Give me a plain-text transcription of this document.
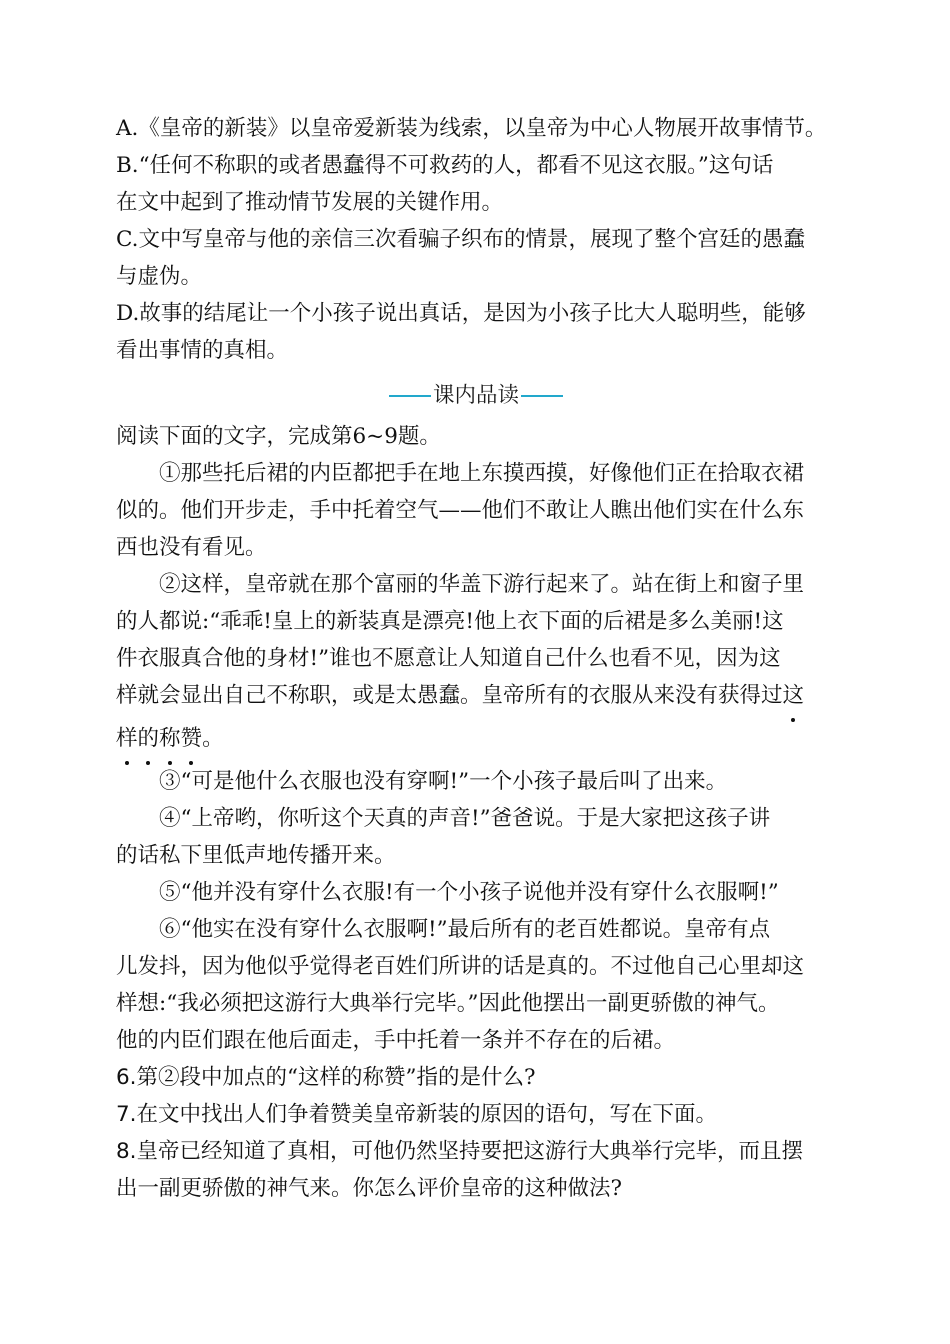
A.《皇帝的新装》以皇帝爱新装为线索，以皇帝为中心人物展开故事情节。
B.“任何不称职的或者愚蠢得不可救药的人，都看不见这衣服。”这句话
在文中起到了推动情节发展的关键作用。
C.文中写皇帝与他的亲信三次看骗子织布的情景，展现了整个宫廷的愚蠢
与虚伪。
D.故事的结尾让一个小孩子说出真话，是因为小孩子比大人聪明些，能够
看出事情的真相。
课内品读
阅读下面的文字，完成第6~9题。
①那些托后裙的内臣都把手在地上东摸西摸，好像他们正在拾取衣裙
似的。他们开步走，手中托着空气——他们不敢让人瞧出他们实在什么东
西也没有看见。
②这样，皇帝就在那个富丽的华盖下游行起来了。站在街上和窗子里
的人都说:“乖乖!皇上的新装真是漂亮!他上衣下面的后裙是多么美丽!这
件衣服真合他的身材!”谁也不愿意让人知道自己什么也看不见，因为这
样就会显出自己不称职，或是太愚蠢。皇帝所有的衣服从来没有获得过这
样的称赞。
③“可是他什么衣服也没有穿啊!”一个小孩子最后叫了出来。
④“上帝哟，你听这个天真的声音!”爸爸说。于是大家把这孩子讲
的话私下里低声地传播开来。
⑤“他并没有穿什么衣服!有一个小孩子说他并没有穿什么衣服啊!”
⑥“他实在没有穿什么衣服啊!”最后所有的老百姓都说。皇帝有点
儿发抖，因为他似乎觉得老百姓们所讲的话是真的。不过他自己心里却这
样想:“我必须把这游行大典举行完毕。”因此他摆出一副更骄傲的神气。
他的内臣们跟在他后面走，手中托着一条并不存在的后裙。
6.第②段中加点的“这样的称赞”指的是什么?
7.在文中找出人们争着赞美皇帝新装的原因的语句，写在下面。
8.皇帝已经知道了真相，可他仍然坚持要把这游行大典举行完毕，而且摆
出一副更骄傲的神气来。你怎么评价皇帝的这种做法?
